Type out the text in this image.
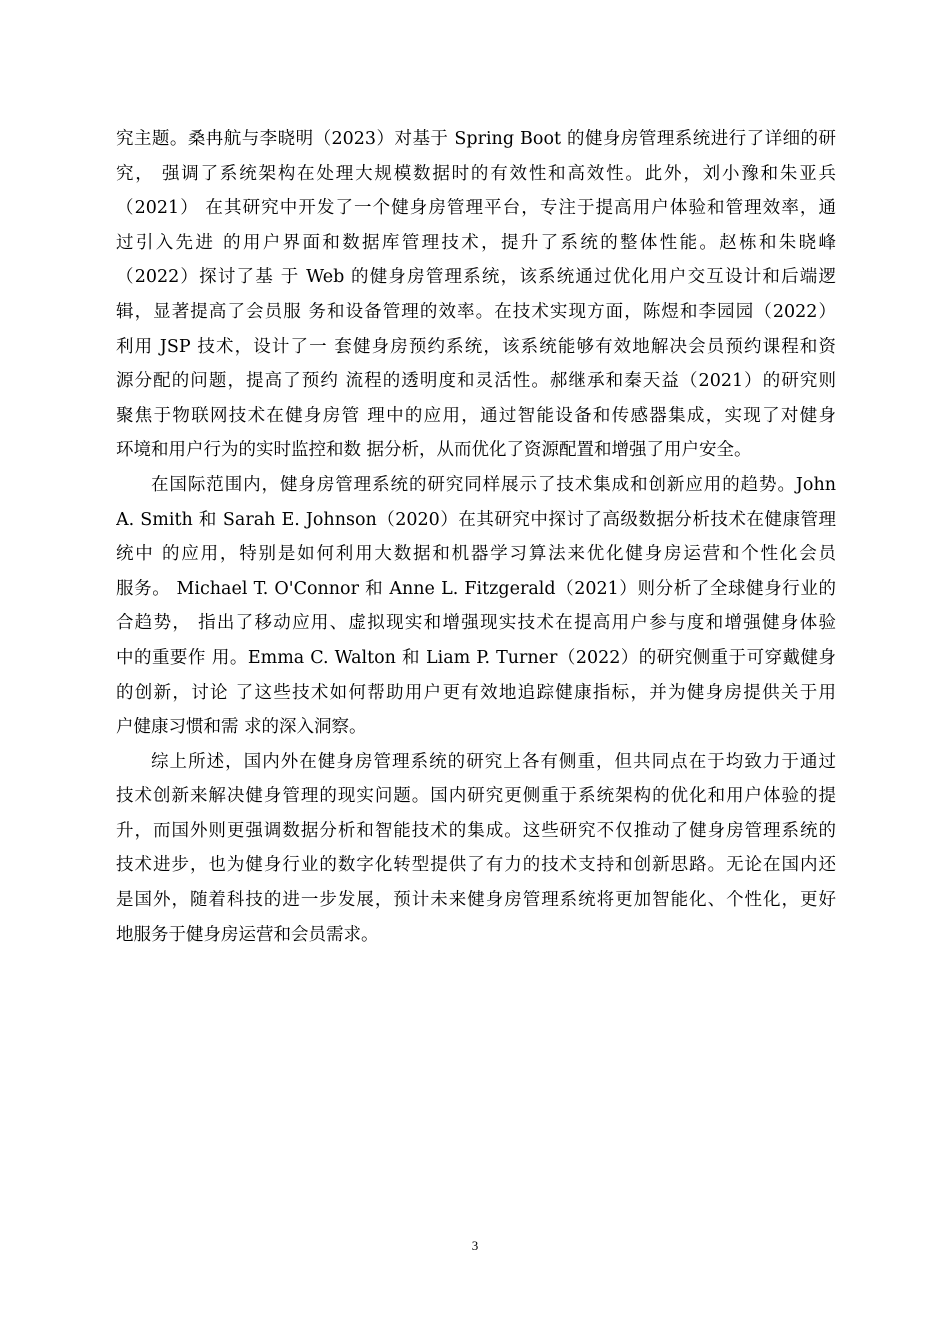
究主题。桑冉航与李晓明（2023）对基于 Spring Boot 的健身房管理系统进行了详细的研
究， 强调了系统架构在处理大规模数据时的有效性和高效性。此外，刘小豫和朱亚兵
（2021） 在其研究中开发了一个健身房管理平台，专注于提高用户体验和管理效率，通
过引入先进 的用户界面和数据库管理技术，提升了系统的整体性能。赵栋和朱晓峰
（2022）探讨了基 于 Web 的健身房管理系统，该系统通过优化用户交互设计和后端逻
辑，显著提高了会员服 务和设备管理的效率。在技术实现方面，陈煜和李园园（2022）
利用 JSP 技术，设计了一 套健身房预约系统，该系统能够有效地解决会员预约课程和资
源分配的问题，提高了预约 流程的透明度和灵活性。郝继承和秦天益（2021）的研究则
聚焦于物联网技术在健身房管 理中的应用，通过智能设备和传感器集成，实现了对健身
环境和用户行为的实时监控和数 据分析，从而优化了资源配置和增强了用户安全。
在国际范围内，健身房管理系统的研究同样展示了技术集成和创新应用的趋势。John
A. Smith 和 Sarah E. Johnson（2020）在其研究中探讨了高级数据分析技术在健康管理
统中 的应用，特别是如何利用大数据和机器学习算法来优化健身房运营和个性化会员
服务。 Michael T. O'Connor 和 Anne L. Fitzgerald（2021）则分析了全球健身行业的
合趋势， 指出了移动应用、虚拟现实和增强现实技术在提高用户参与度和增强健身体验
中的重要作 用。Emma C. Walton 和 Liam P. Turner（2022）的研究侧重于可穿戴健身
的创新，讨论 了这些技术如何帮助用户更有效地追踪健康指标，并为健身房提供关于用
户健康习惯和需 求的深入洞察。
综上所述，国内外在健身房管理系统的研究上各有侧重，但共同点在于均致力于通过
技术创新来解决健身管理的现实问题。国内研究更侧重于系统架构的优化和用户体验的提
升，而国外则更强调数据分析和智能技术的集成。这些研究不仅推动了健身房管理系统的
技术进步，也为健身行业的数字化转型提供了有力的技术支持和创新思路。无论在国内还
是国外，随着科技的进一步发展，预计未来健身房管理系统将更加智能化、个性化，更好
地服务于健身房运营和会员需求。
3
